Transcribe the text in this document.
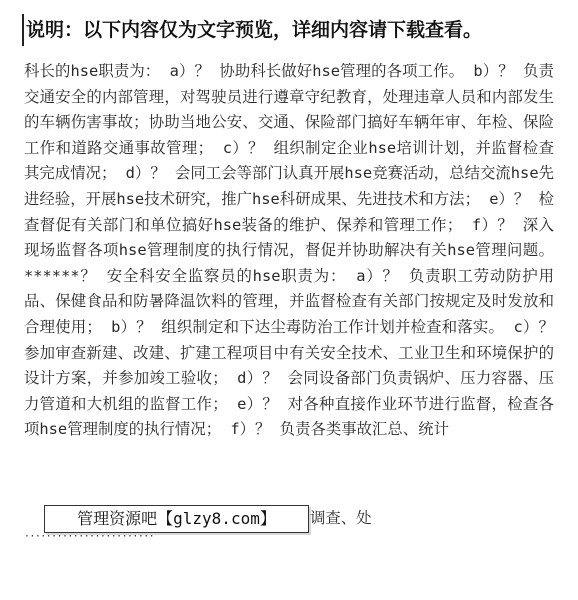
说明：以下内容仅为文字预览，详细内容请下载查看。

科长的hse职责为： a）？ 协助科长做好hse管理的各项工作。 b）？ 负责交通安全的内部管理，对驾驶员进行遵章守纪教育，处理违章人员和内部发生的车辆伤害事故；协助当地公安、交通、保险部门搞好车辆年审、年检、保险工作和道路交通事故管理； c）？ 组织制定企业hse培训计划，并监督检查其完成情况； d）？ 会同工会等部门认真开展hse竞赛活动，总结交流hse先进经验，开展hse技术研究，推广hse科研成果、先进技术和方法； e）？ 检查督促有关部门和单位搞好hse装备的维护、保养和管理工作； f）？ 深入现场监督各项hse管理制度的执行情况，督促并协助解决有关hse管理问题。 ******？ 安全科安全监察员的hse职责为： a）？ 负责职工劳动防护用品、保健食品和防暑降温饮料的管理，并监督检查有关部门按规定及时发放和合理使用； b）？ 组织制定和下达尘毒防治工作计划并检查和落实。 c）？ 参加审查新建、改建、扩建工程项目中有关安全技术、工业卫生和环境保护的设计方案，并参加竣工验收； d）？ 会同设备部门负责锅炉、压力容器、压力管道和大机组的监督工作； e）？ 对各种直接作业环节进行监督，检查各项hse管理制度的执行情况； f）？ 负责各类事故汇总、统计

管理资源吧【glzy8.com】	调查、处
························
